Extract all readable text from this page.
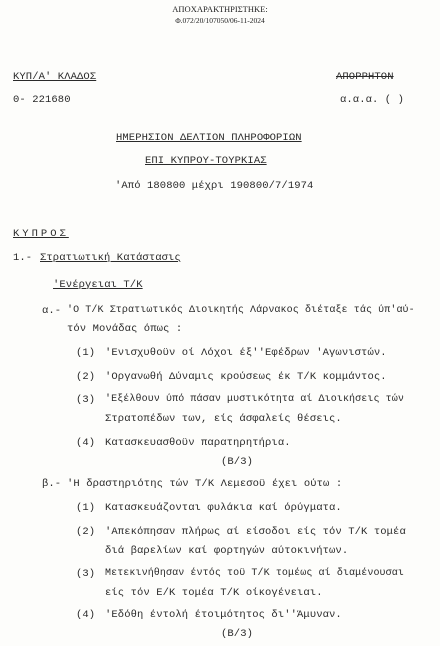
ΑΠΟΧΑΡΑΚΤΗΡΙΣΤΗΚΕ:
Φ.072/20/107050/06-11-2024
ΚΥΠ/Α' ΚΛΑΔΟΣ
0- 221680
ΑΠΟΡΡΗΤΟΝ
α.α.α. ( )
ΗΜΕΡΗΣΙΟΝ ΔΕΛΤΙΟΝ ΠΛΗΡΟΦΟΡΙΩΝ
ΕΠΙ ΚΥΠΡΟΥ-ΤΟΥΡΚΙΑΣ
'Από 180800 μέχρι 190800/7/1974
ΚΥΠΡΟΣ
1.- Στρατιωτική Κατάστασις
'Ενέργειαι Τ/Κ
α.- 'Ο Τ/Κ Στρατιωτικός Διοικητής Λάρνακος διέταξε τάς ύπ'αύ-
τόν Μονάδας όπως :
(1) 'Ενισχυθοϋν οί Λόχοι έξ''Εφέδρων 'Αγωνιστών.
(2) 'Οργανωθή Δύναμις κρούσεως έκ Τ/Κ κομμάντος.
(3) 'Εξέλθουν ύπό πάσαν μυστικότητα αί Διοικήσεις τών
Στρατοπέδων των, είς άσφαλείς θέσεις.
(4) Κατασκευασθοϋν παρατηρητήρια.
(Β/3)
β.- 'Η δραστηριότης τών Τ/Κ Λεμεσοϋ έχει ούτω :
(1) Κατασκευάζονται φυλάκια καί όρύγματα.
(2) 'Απεκόπησαν πλήρως αί είσοδοι είς τόν Τ/Κ τομέα
διά βαρελίων καί φορτηγών αύτοκινήτων.
(3) Μετεκινήθησαν έντός τοϋ Τ/Κ τομέως αί διαμένουσαι
είς τόν Ε/Κ τομέα Τ/Κ οίκογένειαι.
(4) 'Εδόθη έντολή έτοιμότητος δι''Άμυναν.
(Β/3)
